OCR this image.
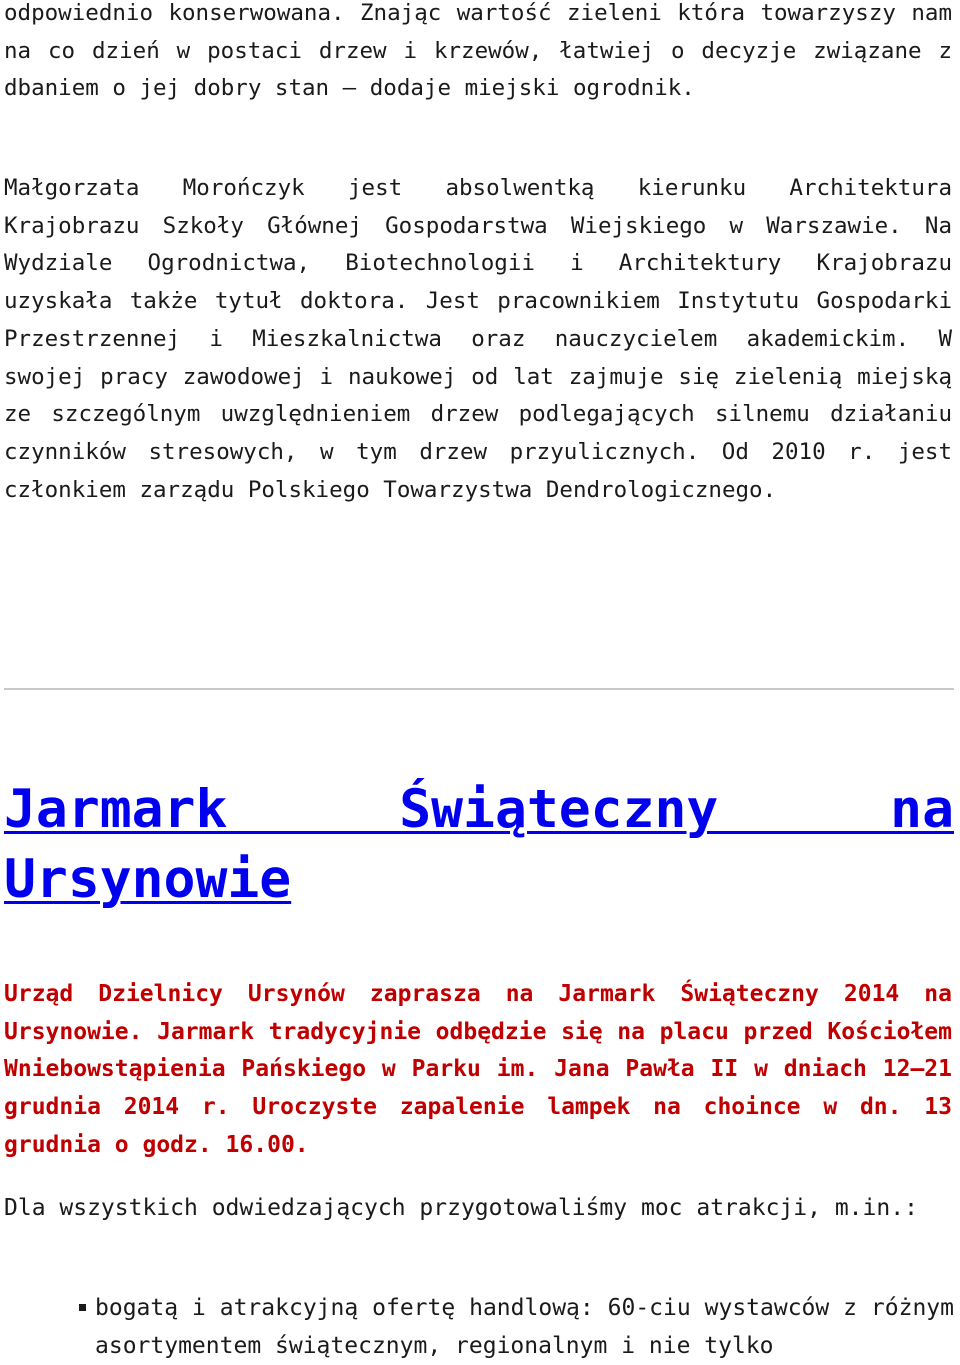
odpowiednio konserwowana. Znając wartość zieleni która towarzyszy nam na co dzień w postaci drzew i krzewów, łatwiej o decyzje związane z dbaniem o jej dobry stan – dodaje miejski ogrodnik.

Małgorzata Morończyk jest absolwentką kierunku Architektura Krajobrazu Szkoły Głównej Gospodarstwa Wiejskiego w Warszawie. Na Wydziale Ogrodnictwa, Biotechnologii i Architektury Krajobrazu uzyskała także tytuł doktora. Jest pracownikiem Instytutu Gospodarki Przestrzennej i Mieszkalnictwa oraz nauczycielem akademickim. W swojej pracy zawodowej i naukowej od lat zajmuje się zielenią miejską ze szczególnym uwzględnieniem drzew podlegających silnemu działaniu czynników stresowych, w tym drzew przyulicznych. Od 2010 r. jest członkiem zarządu Polskiego Towarzystwa Dendrologicznego.

Jarmark Świąteczny na Ursynowie

Urząd Dzielnicy Ursynów zaprasza na Jarmark Świąteczny 2014 na Ursynowie. Jarmark tradycyjnie odbędzie się na placu przed Kościołem Wniebowstąpienia Pańskiego w Parku im. Jana Pawła II w dniach 12–21 grudnia 2014 r. Uroczyste zapalenie lampek na choince w dn. 13 grudnia o godz. 16.00.

Dla wszystkich odwiedzających przygotowaliśmy moc atrakcji, m.in.:

bogatą i atrakcyjną ofertę handlową: 60-ciu wystawców z różnym asortymentem świątecznym, regionalnym i nie tylko
